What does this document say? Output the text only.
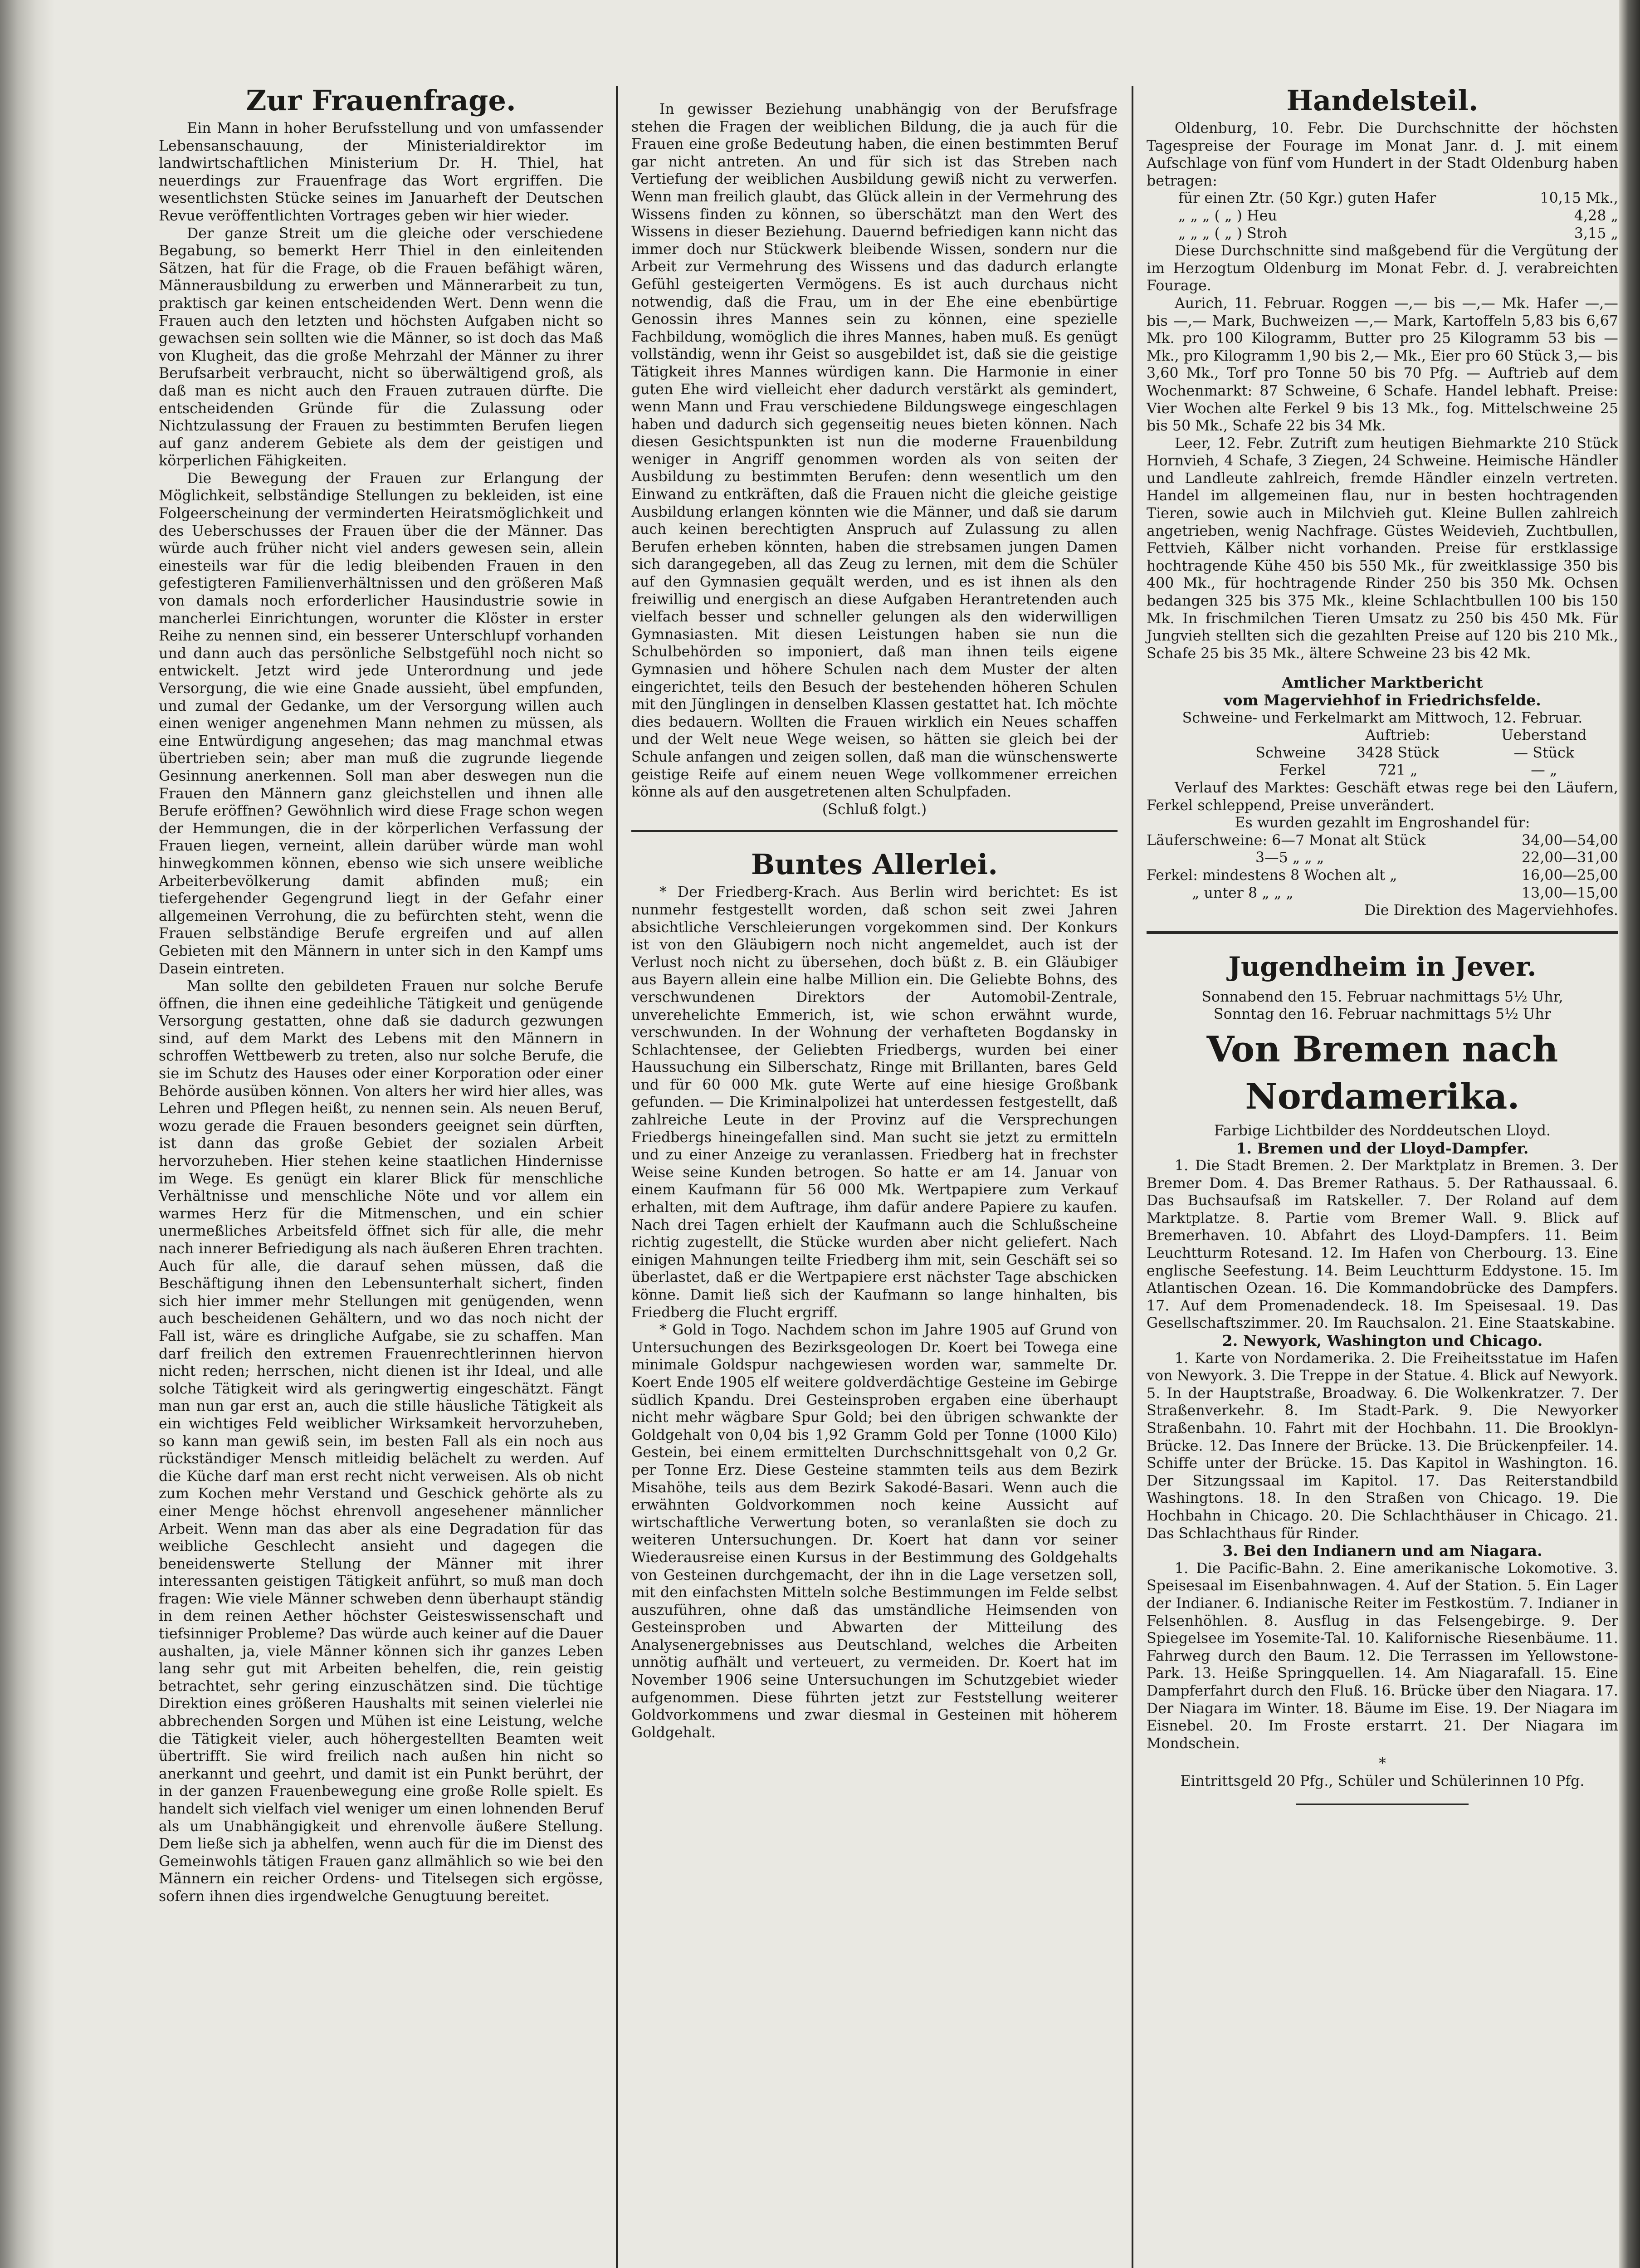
Zur Frauenfrage.

Ein Mann in hoher Berufsstellung und von umfassender Lebensanschauung, der Ministerialdirektor im landwirtschaftlichen Ministerium Dr. H. Thiel, hat neuerdings zur Frauenfrage das Wort ergriffen. Die wesentlichsten Stücke seines im Januarheft der Deutschen Revue veröffentlichten Vortrages geben wir hier wieder.

Der ganze Streit um die gleiche oder verschiedene Begabung, so bemerkt Herr Thiel in den einleitenden Sätzen, hat für die Frage, ob die Frauen befähigt wären, Männerausbildung zu erwerben und Männerarbeit zu tun, praktisch gar keinen entscheidenden Wert. Denn wenn die Frauen auch den letzten und höchsten Aufgaben nicht so gewachsen sein sollten wie die Männer, so ist doch das Maß von Klugheit, das die große Mehrzahl der Männer zu ihrer Berufsarbeit verbraucht, nicht so überwältigend groß, als daß man es nicht auch den Frauen zutrauen dürfte. Die entscheidenden Gründe für die Zulassung oder Nichtzulassung der Frauen zu bestimmten Berufen liegen auf ganz anderem Gebiete als dem der geistigen und körperlichen Fähigkeiten.

Die Bewegung der Frauen zur Erlangung der Möglichkeit, selbständige Stellungen zu bekleiden, ist eine Folgeerscheinung der verminderten Heiratsmöglichkeit und des Ueberschusses der Frauen über die der Männer. Das würde auch früher nicht viel anders gewesen sein, allein einesteils war für die ledig bleibenden Frauen in den gefestigteren Familienverhältnissen und den größeren Maß von damals noch erforderlicher Hausindustrie sowie in mancherlei Einrichtungen, worunter die Klöster in erster Reihe zu nennen sind, ein besserer Unterschlupf vorhanden und dann auch das persönliche Selbstgefühl noch nicht so entwickelt. Jetzt wird jede Unterordnung und jede Versorgung, die wie eine Gnade aussieht, übel empfunden, und zumal der Gedanke, um der Versorgung willen auch einen weniger angenehmen Mann nehmen zu müssen, als eine Entwürdigung angesehen; das mag manchmal etwas übertrieben sein; aber man muß die zugrunde liegende Gesinnung anerkennen. Soll man aber deswegen nun die Frauen den Männern ganz gleichstellen und ihnen alle Berufe eröffnen? Gewöhnlich wird diese Frage schon wegen der Hemmungen, die in der körperlichen Verfassung der Frauen liegen, verneint, allein darüber würde man wohl hinwegkommen können, ebenso wie sich unsere weibliche Arbeiterbevölkerung damit abfinden muß; ein tiefergehender Gegengrund liegt in der Gefahr einer allgemeinen Verrohung, die zu befürchten steht, wenn die Frauen selbständige Berufe ergreifen und auf allen Gebieten mit den Männern in unter sich in den Kampf ums Dasein eintreten.

Man sollte den gebildeten Frauen nur solche Berufe öffnen, die ihnen eine gedeihliche Tätigkeit und genügende Versorgung gestatten, ohne daß sie dadurch gezwungen sind, auf dem Markt des Lebens mit den Männern in schroffen Wettbewerb zu treten, also nur solche Berufe, die sie im Schutz des Hauses oder einer Korporation oder einer Behörde ausüben können. Von alters her wird hier alles, was Lehren und Pflegen heißt, zu nennen sein. Als neuen Beruf, wozu gerade die Frauen besonders geeignet sein dürften, ist dann das große Gebiet der sozialen Arbeit hervorzuheben. Hier stehen keine staatlichen Hindernisse im Wege. Es genügt ein klarer Blick für menschliche Verhältnisse und menschliche Nöte und vor allem ein warmes Herz für die Mitmenschen, und ein schier unermeßliches Arbeitsfeld öffnet sich für alle, die mehr nach innerer Befriedigung als nach äußeren Ehren trachten. Auch für alle, die darauf sehen müssen, daß die Beschäftigung ihnen den Lebensunterhalt sichert, finden sich hier immer mehr Stellungen mit genügenden, wenn auch bescheidenen Gehältern, und wo das noch nicht der Fall ist, wäre es dringliche Aufgabe, sie zu schaffen. Man darf freilich den extremen Frauenrechtlerinnen hiervon nicht reden; herrschen, nicht dienen ist ihr Ideal, und alle solche Tätigkeit wird als geringwertig eingeschätzt. Fängt man nun gar erst an, auch die stille häusliche Tätigkeit als ein wichtiges Feld weiblicher Wirksamkeit hervorzuheben, so kann man gewiß sein, im besten Fall als ein noch aus rückständiger Mensch mitleidig belächelt zu werden. Auf die Küche darf man erst recht nicht verweisen. Als ob nicht zum Kochen mehr Verstand und Geschick gehörte als zu einer Menge höchst ehrenvoll angesehener männlicher Arbeit. Wenn man das aber als eine Degradation für das weibliche Geschlecht ansieht und dagegen die beneidenswerte Stellung der Männer mit ihrer interessanten geistigen Tätigkeit anführt, so muß man doch fragen: Wie viele Männer schweben denn überhaupt ständig in dem reinen Aether höchster Geisteswissenschaft und tiefsinniger Probleme? Das würde auch keiner auf die Dauer aushalten, ja, viele Männer können sich ihr ganzes Leben lang sehr gut mit Arbeiten behelfen, die, rein geistig betrachtet, sehr gering einzuschätzen sind. Die tüchtige Direktion eines größeren Haushalts mit seinen vielerlei nie abbrechenden Sorgen und Mühen ist eine Leistung, welche die Tätigkeit vieler, auch höhergestellten Beamten weit übertrifft. Sie wird freilich nach außen hin nicht so anerkannt und geehrt, und damit ist ein Punkt berührt, der in der ganzen Frauenbewegung eine große Rolle spielt. Es handelt sich vielfach viel weniger um einen lohnenden Beruf als um Unabhängigkeit und ehrenvolle äußere Stellung. Dem ließe sich ja abhelfen, wenn auch für die im Dienst des Gemeinwohls tätigen Frauen ganz allmählich so wie bei den Männern ein reicher Ordens- und Titelsegen sich ergösse, sofern ihnen dies irgendwelche Genugtuung bereitet.

In gewisser Beziehung unabhängig von der Berufsfrage stehen die Fragen der weiblichen Bildung, die ja auch für die Frauen eine große Bedeutung haben, die einen bestimmten Beruf gar nicht antreten. An und für sich ist das Streben nach Vertiefung der weiblichen Ausbildung gewiß nicht zu verwerfen. Wenn man freilich glaubt, das Glück allein in der Vermehrung des Wissens finden zu können, so überschätzt man den Wert des Wissens in dieser Beziehung. Dauernd befriedigen kann nicht das immer doch nur Stückwerk bleibende Wissen, sondern nur die Arbeit zur Vermehrung des Wissens und das dadurch erlangte Gefühl gesteigerten Vermögens. Es ist auch durchaus nicht notwendig, daß die Frau, um in der Ehe eine ebenbürtige Genossin ihres Mannes sein zu können, eine spezielle Fachbildung, womöglich die ihres Mannes, haben muß. Es genügt vollständig, wenn ihr Geist so ausgebildet ist, daß sie die geistige Tätigkeit ihres Mannes würdigen kann. Die Harmonie in einer guten Ehe wird vielleicht eher dadurch verstärkt als gemindert, wenn Mann und Frau verschiedene Bildungswege eingeschlagen haben und dadurch sich gegenseitig neues bieten können. Nach diesen Gesichtspunkten ist nun die moderne Frauenbildung weniger in Angriff genommen worden als von seiten der Ausbildung zu bestimmten Berufen: denn wesentlich um den Einwand zu entkräften, daß die Frauen nicht die gleiche geistige Ausbildung erlangen könnten wie die Männer, und daß sie darum auch keinen berechtigten Anspruch auf Zulassung zu allen Berufen erheben könnten, haben die strebsamen jungen Damen sich darangegeben, all das Zeug zu lernen, mit dem die Schüler auf den Gymnasien gequält werden, und es ist ihnen als den freiwillig und energisch an diese Aufgaben Herantretenden auch vielfach besser und schneller gelungen als den widerwilligen Gymnasiasten. Mit diesen Leistungen haben sie nun die Schulbehörden so imponiert, daß man ihnen teils eigene Gymnasien und höhere Schulen nach dem Muster der alten eingerichtet, teils den Besuch der bestehenden höheren Schulen mit den Jünglingen in denselben Klassen gestattet hat. Ich möchte dies bedauern. Wollten die Frauen wirklich ein Neues schaffen und der Welt neue Wege weisen, so hätten sie gleich bei der Schule anfangen und zeigen sollen, daß man die wünschenswerte geistige Reife auf einem neuen Wege vollkommener erreichen könne als auf den ausgetretenen alten Schulpfaden.

(Schluß folgt.)

Buntes Allerlei.

* Der Friedberg-Krach. Aus Berlin wird berichtet: Es ist nunmehr festgestellt worden, daß schon seit zwei Jahren absichtliche Verschleierungen vorgekommen sind. Der Konkurs ist von den Gläubigern noch nicht angemeldet, auch ist der Verlust noch nicht zu übersehen, doch büßt z. B. ein Gläubiger aus Bayern allein eine halbe Million ein. Die Geliebte Bohns, des verschwundenen Direktors der Automobil-Zentrale, unverehelichte Emmerich, ist, wie schon erwähnt wurde, verschwunden. In der Wohnung der verhafteten Bogdansky in Schlachtensee, der Geliebten Friedbergs, wurden bei einer Haussuchung ein Silberschatz, Ringe mit Brillanten, bares Geld und für 60 000 Mk. gute Werte auf eine hiesige Großbank gefunden. — Die Kriminalpolizei hat unterdessen festgestellt, daß zahlreiche Leute in der Provinz auf die Versprechungen Friedbergs hineingefallen sind. Man sucht sie jetzt zu ermitteln und zu einer Anzeige zu veranlassen. Friedberg hat in frechster Weise seine Kunden betrogen. So hatte er am 14. Januar von einem Kaufmann für 56 000 Mk. Wertpapiere zum Verkauf erhalten, mit dem Auftrage, ihm dafür andere Papiere zu kaufen. Nach drei Tagen erhielt der Kaufmann auch die Schlußscheine richtig zugestellt, die Stücke wurden aber nicht geliefert. Nach einigen Mahnungen teilte Friedberg ihm mit, sein Geschäft sei so überlastet, daß er die Wertpapiere erst nächster Tage abschicken könne. Damit ließ sich der Kaufmann so lange hinhalten, bis Friedberg die Flucht ergriff.

* Gold in Togo. Nachdem schon im Jahre 1905 auf Grund von Untersuchungen des Bezirksgeologen Dr. Koert bei Towega eine minimale Goldspur nachgewiesen worden war, sammelte Dr. Koert Ende 1905 elf weitere goldverdächtige Gesteine im Gebirge südlich Kpandu. Drei Gesteinsproben ergaben eine überhaupt nicht mehr wägbare Spur Gold; bei den übrigen schwankte der Goldgehalt von 0,04 bis 1,92 Gramm Gold per Tonne (1000 Kilo) Gestein, bei einem ermittelten Durchschnittsgehalt von 0,2 Gr. per Tonne Erz. Diese Gesteine stammten teils aus dem Bezirk Misahöhe, teils aus dem Bezirk Sakodé-Basari. Wenn auch die erwähnten Goldvorkommen noch keine Aussicht auf wirtschaftliche Verwertung boten, so veranlaßten sie doch zu weiteren Untersuchungen. Dr. Koert hat dann vor seiner Wiederausreise einen Kursus in der Bestimmung des Goldgehalts von Gesteinen durchgemacht, der ihn in die Lage versetzen soll, mit den einfachsten Mitteln solche Bestimmungen im Felde selbst auszuführen, ohne daß das umständliche Heimsenden von Gesteinsproben und Abwarten der Mitteilung des Analysenergebnisses aus Deutschland, welches die Arbeiten unnötig aufhält und verteuert, zu vermeiden. Dr. Koert hat im November 1906 seine Untersuchungen im Schutzgebiet wieder aufgenommen. Diese führten jetzt zur Feststellung weiterer Goldvorkommens und zwar diesmal in Gesteinen mit höherem Goldgehalt.

Handelsteil.

Oldenburg, 10. Febr. Die Durchschnitte der höchsten Tagespreise der Fourage im Monat Janr. d. J. mit einem Aufschlage von fünf vom Hundert in der Stadt Oldenburg haben betragen:

für einen Ztr. (50 Kgr.) guten Hafer	10,15 Mk.,
„ „ „ ( „ ) Heu	4,28 „
„ „ „ ( „ ) Stroh	3,15 „

Diese Durchschnitte sind maßgebend für die Vergütung der im Herzogtum Oldenburg im Monat Febr. d. J. verabreichten Fourage.

Aurich, 11. Februar. Roggen —,— bis —,— Mk. Hafer —,— bis —,— Mark, Buchweizen —,— Mark, Kartoffeln 5,83 bis 6,67 Mk. pro 100 Kilogramm, Butter pro 25 Kilogramm 53 bis — Mk., pro Kilogramm 1,90 bis 2,— Mk., Eier pro 60 Stück 3,— bis 3,60 Mk., Torf pro Tonne 50 bis 70 Pfg. — Auftrieb auf dem Wochenmarkt: 87 Schweine, 6 Schafe. Handel lebhaft. Preise: Vier Wochen alte Ferkel 9 bis 13 Mk., fog. Mittelschweine 25 bis 50 Mk., Schafe 22 bis 34 Mk.

Leer, 12. Febr. Zutrift zum heutigen Biehmarkte 210 Stück Hornvieh, 4 Schafe, 3 Ziegen, 24 Schweine. Heimische Händler und Landleute zahlreich, fremde Händler einzeln vertreten. Handel im allgemeinen flau, nur in besten hochtragenden Tieren, sowie auch in Milchvieh gut. Kleine Bullen zahlreich angetrieben, wenig Nachfrage. Güstes Weidevieh, Zuchtbullen, Fettvieh, Kälber nicht vorhanden. Preise für erstklassige hochtragende Kühe 450 bis 550 Mk., für zweitklassige 350 bis 400 Mk., für hochtragende Rinder 250 bis 350 Mk. Ochsen bedangen 325 bis 375 Mk., kleine Schlachtbullen 100 bis 150 Mk. In frischmilchen Tieren Umsatz zu 250 bis 450 Mk. Für Jungvieh stellten sich die gezahlten Preise auf 120 bis 210 Mk., Schafe 25 bis 35 Mk., ältere Schweine 23 bis 42 Mk.

Amtlicher Marktbericht

vom Magerviehhof in Friedrichsfelde.

Schweine- und Ferkelmarkt am Mittwoch, 12. Februar.

	Auftrieb:	Ueberstand
Schweine	3428 Stück	— Stück
Ferkel	721 „	— „

Verlauf des Marktes: Geschäft etwas rege bei den Läufern, Ferkel schleppend, Preise unverändert.

Es wurden gezahlt im Engroshandel für:

Läuferschweine: 6—7 Monat alt Stück	34,00—54,00
3—5 „ „ „	22,00—31,00
Ferkel: mindestens 8 Wochen alt „	16,00—25,00
„ unter 8 „ „ „	13,00—15,00

Die Direktion des Magerviehhofes.

Jugendheim in Jever.

Sonnabend den 15. Februar nachmittags 5½ Uhr,

Sonntag den 16. Februar nachmittags 5½ Uhr

Von Bremen nach Nordamerika.

Farbige Lichtbilder des Norddeutschen Lloyd.

1. Bremen und der Lloyd-Dampfer.

1. Die Stadt Bremen. 2. Der Marktplatz in Bremen. 3. Der Bremer Dom. 4. Das Bremer Rathaus. 5. Der Rathaussaal. 6. Das Buchsaufsaß im Ratskeller. 7. Der Roland auf dem Marktplatze. 8. Partie vom Bremer Wall. 9. Blick auf Bremerhaven. 10. Abfahrt des Lloyd-Dampfers. 11. Beim Leuchtturm Rotesand. 12. Im Hafen von Cherbourg. 13. Eine englische Seefestung. 14. Beim Leuchtturm Eddystone. 15. Im Atlantischen Ozean. 16. Die Kommandobrücke des Dampfers. 17. Auf dem Promenadendeck. 18. Im Speisesaal. 19. Das Gesellschaftszimmer. 20. Im Rauchsalon. 21. Eine Staatskabine.

2. Newyork, Washington und Chicago.

1. Karte von Nordamerika. 2. Die Freiheitsstatue im Hafen von Newyork. 3. Die Treppe in der Statue. 4. Blick auf Newyork. 5. In der Hauptstraße, Broadway. 6. Die Wolkenkratzer. 7. Der Straßenverkehr. 8. Im Stadt-Park. 9. Die Newyorker Straßenbahn. 10. Fahrt mit der Hochbahn. 11. Die Brooklyn-Brücke. 12. Das Innere der Brücke. 13. Die Brückenpfeiler. 14. Schiffe unter der Brücke. 15. Das Kapitol in Washington. 16. Der Sitzungssaal im Kapitol. 17. Das Reiterstandbild Washingtons. 18. In den Straßen von Chicago. 19. Die Hochbahn in Chicago. 20. Die Schlachthäuser in Chicago. 21. Das Schlachthaus für Rinder.

3. Bei den Indianern und am Niagara.

1. Die Pacific-Bahn. 2. Eine amerikanische Lokomotive. 3. Speisesaal im Eisenbahnwagen. 4. Auf der Station. 5. Ein Lager der Indianer. 6. Indianische Reiter im Festkostüm. 7. Indianer in Felsenhöhlen. 8. Ausflug in das Felsengebirge. 9. Der Spiegelsee im Yosemite-Tal. 10. Kalifornische Riesenbäume. 11. Fahrweg durch den Baum. 12. Die Terrassen im Yellowstone-Park. 13. Heiße Springquellen. 14. Am Niagarafall. 15. Eine Dampferfahrt durch den Fluß. 16. Brücke über den Niagara. 17. Der Niagara im Winter. 18. Bäume im Eise. 19. Der Niagara im Eisnebel. 20. Im Froste erstarrt. 21. Der Niagara im Mondschein.

*

Eintrittsgeld 20 Pfg., Schüler und Schülerinnen 10 Pfg.
